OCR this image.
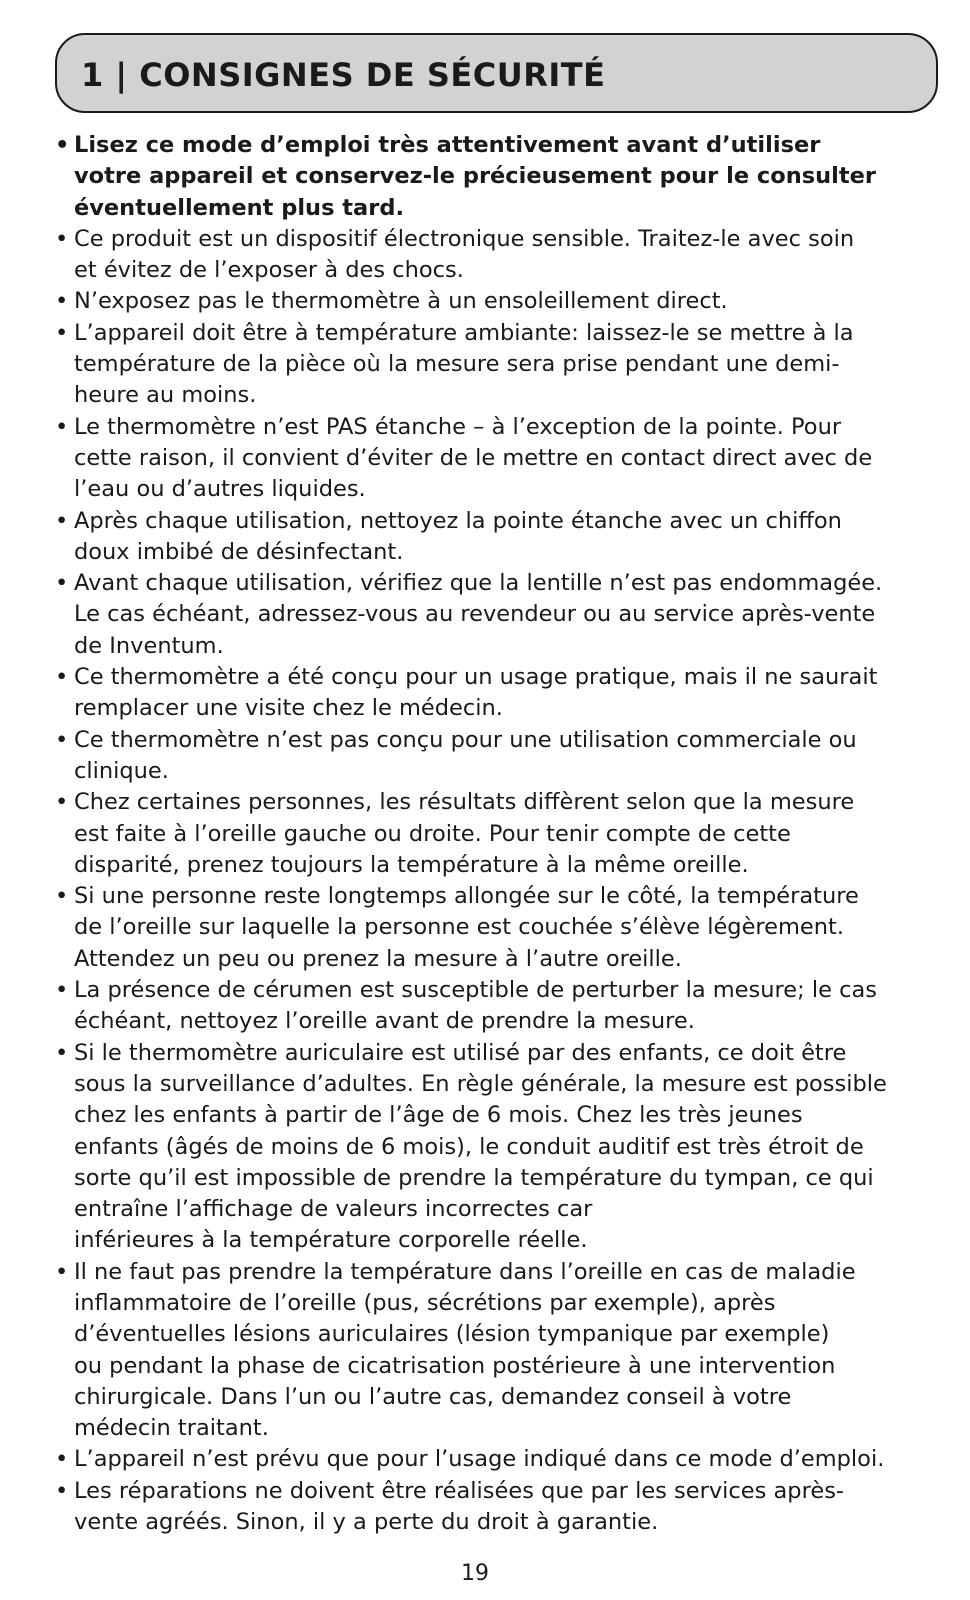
1 | CONSIGNES DE SÉCURITÉ
• Lisez ce mode d’emploi très attentivement avant d’utiliser
votre appareil et conservez-le précieusement pour le consulter
éventuellement plus tard.
• Ce produit est un dispositif électronique sensible. Traitez-le avec soin
et évitez de l’exposer à des chocs.
• N’exposez pas le thermomètre à un ensoleillement direct.
• L’appareil doit être à température ambiante: laissez-le se mettre à la
température de la pièce où la mesure sera prise pendant une demi-
heure au moins.
• Le thermomètre n’est PAS étanche – à l’exception de la pointe. Pour
cette raison, il convient d’éviter de le mettre en contact direct avec de
l’eau ou d’autres liquides.
• Après chaque utilisation, nettoyez la pointe étanche avec un chiffon
doux imbibé de désinfectant.
• Avant chaque utilisation, vérifiez que la lentille n’est pas endommagée.
Le cas échéant, adressez-vous au revendeur ou au service après-vente
de Inventum.
• Ce thermomètre a été conçu pour un usage pratique, mais il ne saurait
remplacer une visite chez le médecin.
• Ce thermomètre n’est pas conçu pour une utilisation commerciale ou
clinique.
• Chez certaines personnes, les résultats diffèrent selon que la mesure
est faite à l’oreille gauche ou droite. Pour tenir compte de cette
disparité, prenez toujours la température à la même oreille.
• Si une personne reste longtemps allongée sur le côté, la température
de l’oreille sur laquelle la personne est couchée s’élève légèrement.
Attendez un peu ou prenez la mesure à l’autre oreille.
• La présence de cérumen est susceptible de perturber la mesure; le cas
échéant, nettoyez l’oreille avant de prendre la mesure.
• Si le thermomètre auriculaire est utilisé par des enfants, ce doit être
sous la surveillance d’adultes. En règle générale, la mesure est possible
chez les enfants à partir de l’âge de 6 mois. Chez les très jeunes
enfants (âgés de moins de 6 mois), le conduit auditif est très étroit de
sorte qu’il est impossible de prendre la température du tympan, ce qui
entraîne l’affichage de valeurs incorrectes car
inférieures à la température corporelle réelle.
• Il ne faut pas prendre la température dans l’oreille en cas de maladie
inflammatoire de l’oreille (pus, sécrétions par exemple), après
d’éventuelles lésions auriculaires (lésion tympanique par exemple)
ou pendant la phase de cicatrisation postérieure à une intervention
chirurgicale. Dans l’un ou l’autre cas, demandez conseil à votre
médecin traitant.
• L’appareil n’est prévu que pour l’usage indiqué dans ce mode d’emploi.
• Les réparations ne doivent être réalisées que par les services après-
vente agréés. Sinon, il y a perte du droit à garantie.
19
